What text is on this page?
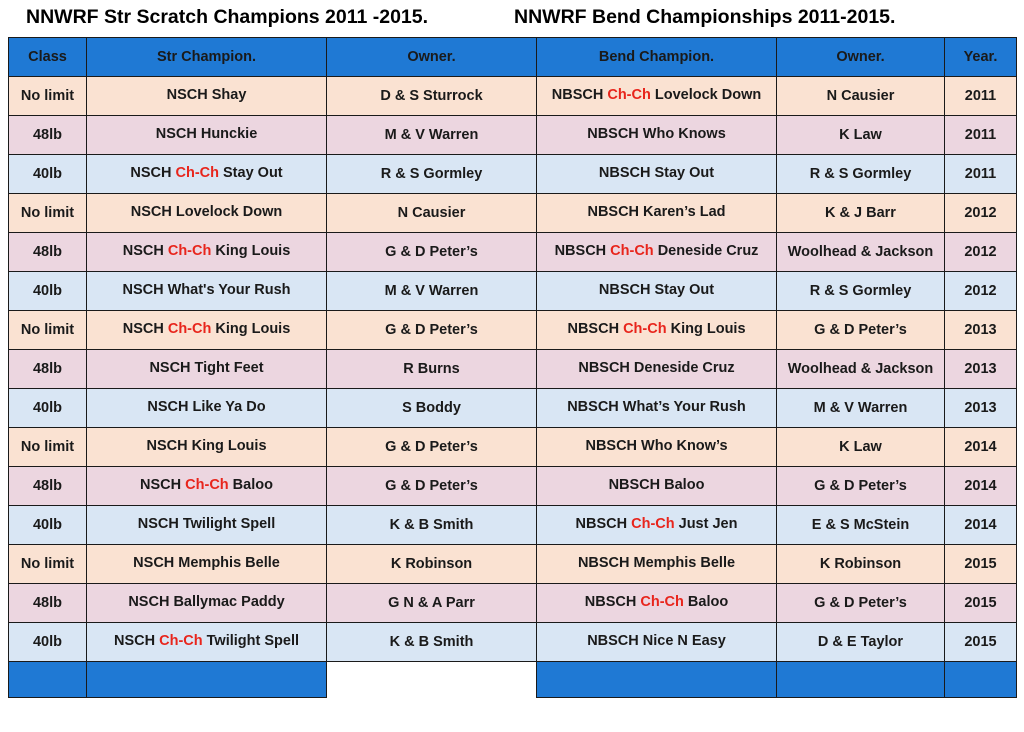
NNWRF Str Scratch Champions 2011 -2015.	NNWRF Bend Championships 2011-2015.
Class	Str Champion.	Owner.	Bend Champion.	Owner.	Year.
No limit	NSCH Shay	D & S Sturrock	NBSCH Ch-Ch Lovelock Down	N Causier	2011
48lb	NSCH Hunckie	M & V Warren	NBSCH Who Knows	K Law	2011
40lb	NSCH Ch-Ch Stay Out	R & S Gormley	NBSCH Stay Out	R & S Gormley	2011
No limit	NSCH Lovelock Down	N Causier	NBSCH Karen’s Lad	K & J Barr	2012
48lb	NSCH Ch-Ch King Louis	G & D Peter’s	NBSCH Ch-Ch Deneside Cruz	Woolhead & Jackson	2012
40lb	NSCH What's Your Rush	M & V Warren	NBSCH Stay Out	R & S Gormley	2012
No limit	NSCH Ch-Ch King Louis	G & D Peter’s	NBSCH Ch-Ch King Louis	G & D Peter’s	2013
48lb	NSCH Tight Feet	R Burns	NBSCH Deneside Cruz	Woolhead & Jackson	2013
40lb	NSCH Like Ya Do	S Boddy	NBSCH What’s Your Rush	M & V Warren	2013
No limit	NSCH King Louis	G & D Peter’s	NBSCH Who Know’s	K Law	2014
48lb	NSCH Ch-Ch Baloo	G & D Peter’s	NBSCH Baloo	G & D Peter’s	2014
40lb	NSCH Twilight Spell	K & B Smith	NBSCH Ch-Ch Just Jen	E & S McStein	2014
No limit	NSCH Memphis Belle	K Robinson	NBSCH Memphis Belle	K Robinson	2015
48lb	NSCH Ballymac Paddy	G N & A Parr	NBSCH Ch-Ch Baloo	G & D Peter’s	2015
40lb	NSCH Ch-Ch Twilight Spell	K & B Smith	NBSCH Nice N Easy	D & E Taylor	2015
